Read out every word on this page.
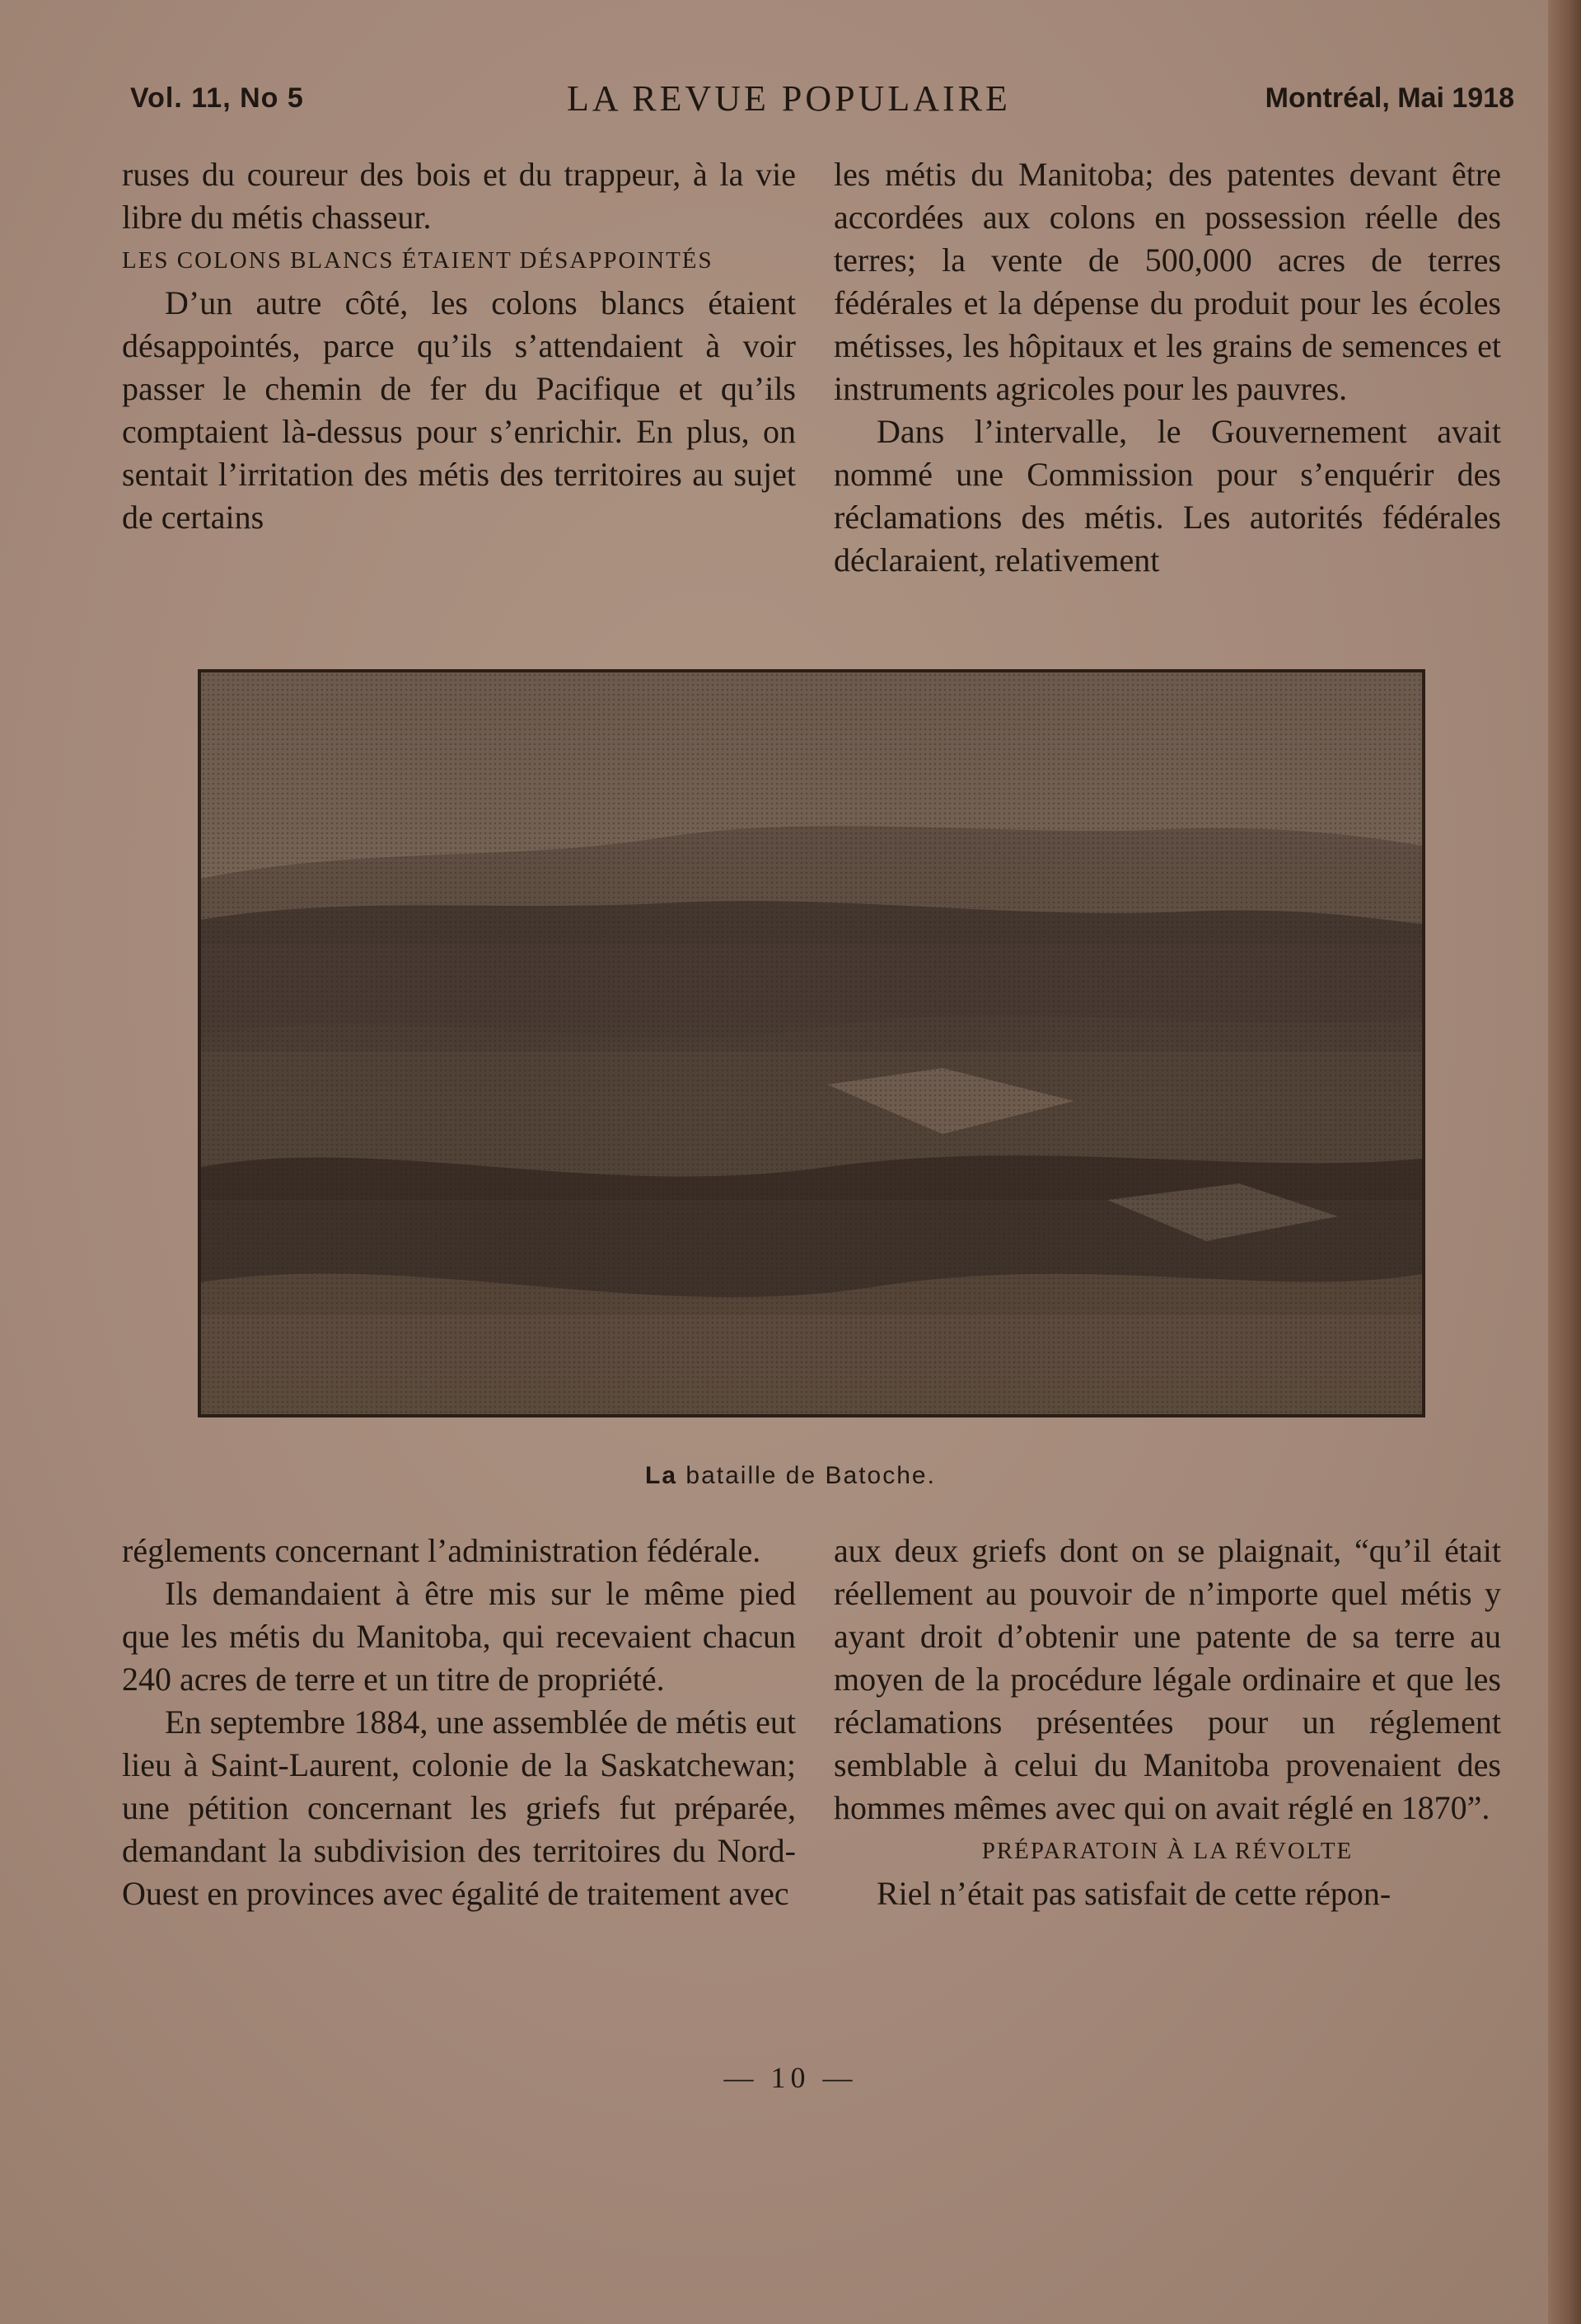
Vol. 11, No 5	LA REVUE POPULAIRE	Montréal, Mai 1918

ruses du coureur des bois et du trappeur, à la vie libre du métis chasseur.

LES COLONS BLANCS ÉTAIENT DÉSAPPOINTÉS

D’un autre côté, les colons blancs étaient désappointés, parce qu’ils s’attendaient à voir passer le chemin de fer du Pacifique et qu’ils comptaient là-dessus pour s’enrichir. En plus, on sentait l’irritation des métis des territoires au sujet de certains

les métis du Manitoba; des patentes devant être accordées aux colons en possession réelle des terres; la vente de 500,000 acres de terres fédérales et la dépense du produit pour les écoles métisses, les hôpitaux et les grains de semences et instruments agricoles pour les pauvres.

Dans l’intervalle, le Gouvernement avait nommé une Commission pour s’enquérir des réclamations des métis. Les autorités fédérales déclaraient, relativement

La bataille de Batoche.

réglements concernant l’administration fédérale.

Ils demandaient à être mis sur le même pied que les métis du Manitoba, qui recevaient chacun 240 acres de terre et un titre de propriété.

En septembre 1884, une assemblée de métis eut lieu à Saint-Laurent, colonie de la Saskatchewan; une pétition concernant les griefs fut préparée, demandant la subdivision des territoires du Nord-Ouest en provinces avec égalité de traitement avec

aux deux griefs dont on se plaignait, “qu’il était réellement au pouvoir de n’importe quel métis y ayant droit d’obtenir une patente de sa terre au moyen de la procédure légale ordinaire et que les réclamations présentées pour un réglement semblable à celui du Manitoba provenaient des hommes mêmes avec qui on avait réglé en 1870”.

PRÉPARATOIN À LA RÉVOLTE

Riel n’était pas satisfait de cette répon-

— 10 —
